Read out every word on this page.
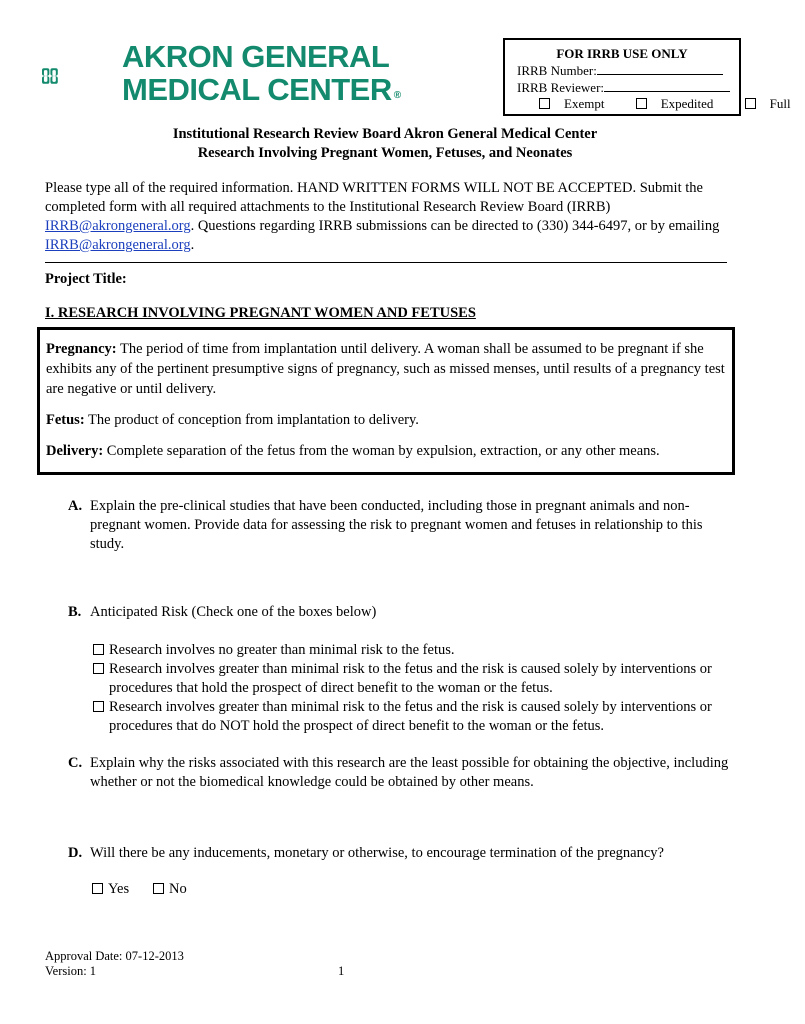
AKRON GENERAL
MEDICAL CENTER ®
FOR IRRB USE ONLY
IRRB Number:
IRRB Reviewer:
Exempt	Expedited	Full
Institutional Research Review Board Akron General Medical Center
Research Involving Pregnant Women, Fetuses, and Neonates
Please type all of the required information. HAND WRITTEN FORMS WILL NOT BE ACCEPTED. Submit the completed form with all required attachments to the Institutional Research Review Board (IRRB) IRRB@akrongeneral.org. Questions regarding IRRB submissions can be directed to (330) 344-6497, or by emailing IRRB@akrongeneral.org.
Project Title:
I. RESEARCH INVOLVING PREGNANT WOMEN AND FETUSES

Pregnancy: The period of time from implantation until delivery. A woman shall be assumed to be pregnant if she exhibits any of the pertinent presumptive signs of pregnancy, such as missed menses, until results of a pregnancy test are negative or until delivery.

Fetus: The product of conception from implantation to delivery.

Delivery: Complete separation of the fetus from the woman by expulsion, extraction, or any other means.

A. Explain the pre-clinical studies that have been conducted, including those in pregnant animals and non-pregnant women. Provide data for assessing the risk to pregnant women and fetuses in relationship to this study.
B. Anticipated Risk (Check one of the boxes below)
Research involves no greater than minimal risk to the fetus.
Research involves greater than minimal risk to the fetus and the risk is caused solely by interventions or procedures that hold the prospect of direct benefit to the woman or the fetus.
Research involves greater than minimal risk to the fetus and the risk is caused solely by interventions or procedures that do NOT hold the prospect of direct benefit to the woman or the fetus.
C. Explain why the risks associated with this research are the least possible for obtaining the objective, including whether or not the biomedical knowledge could be obtained by other means.
D. Will there be any inducements, monetary or otherwise, to encourage termination of the pregnancy?
Yes	No
Approval Date: 07-12-2013
Version: 1	1
